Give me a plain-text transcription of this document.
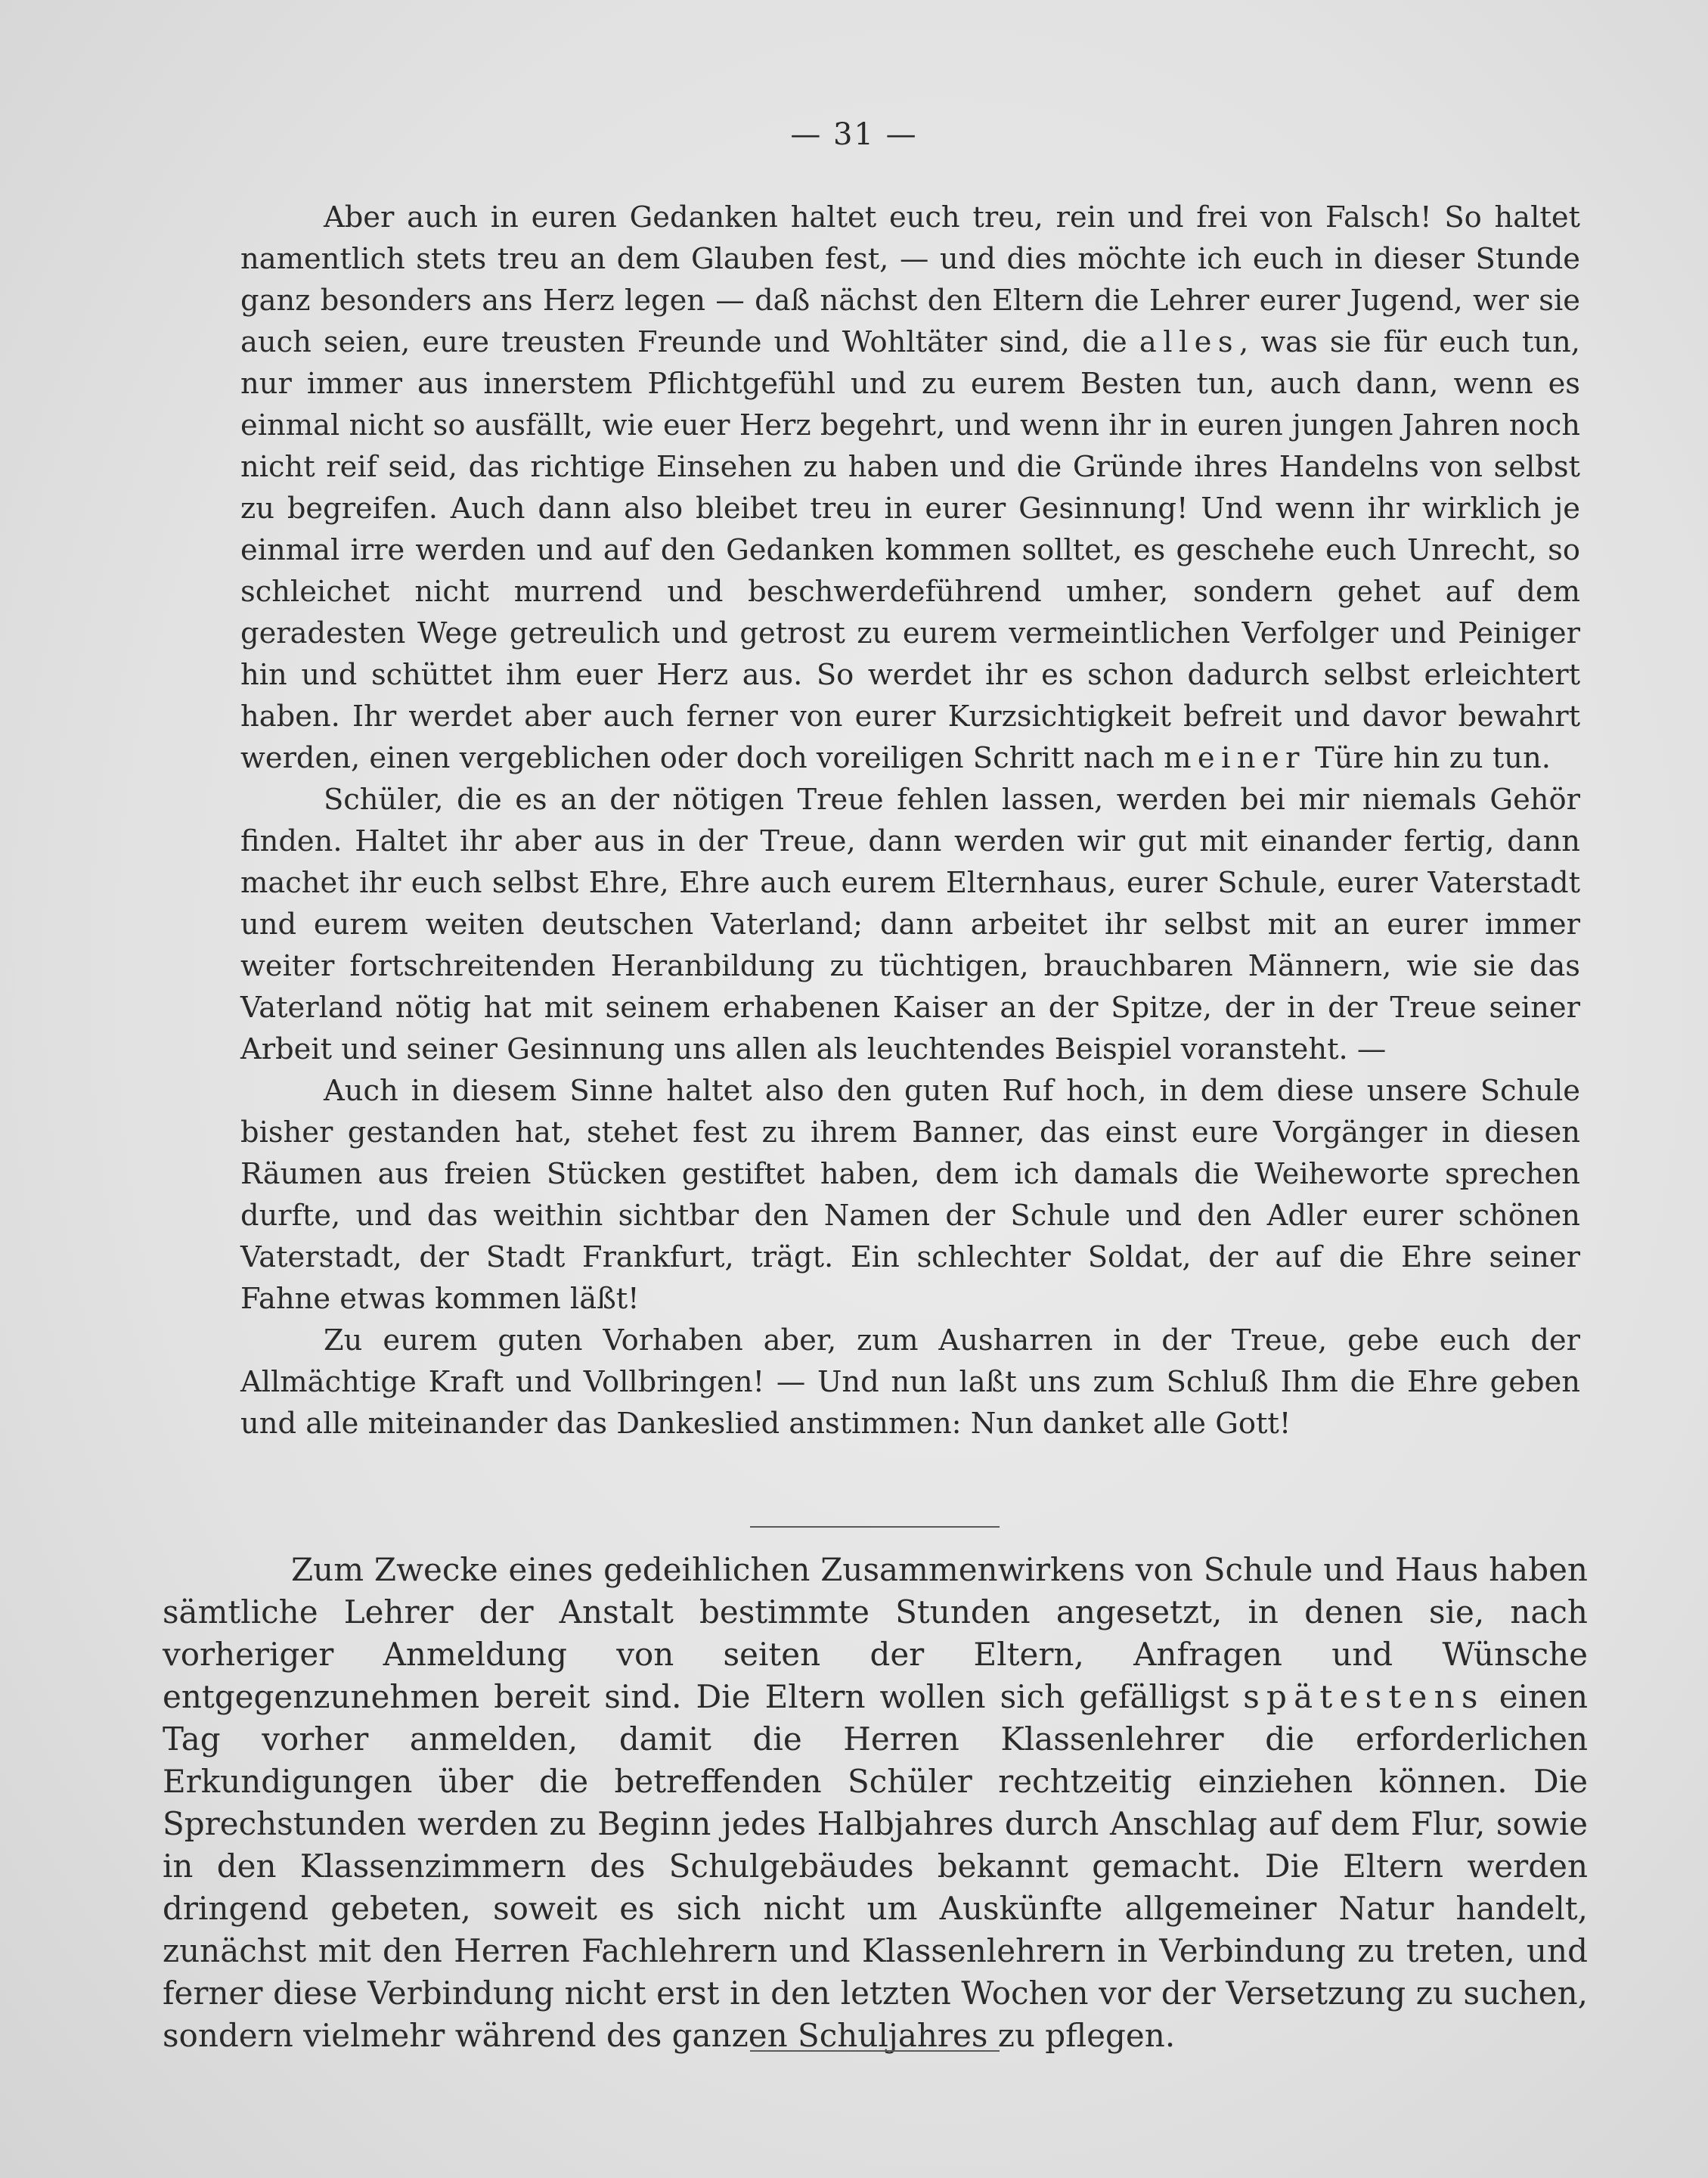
— 31 —

Aber auch in euren Gedanken haltet euch treu, rein und frei von Falsch! So haltet namentlich stets treu an dem Glauben fest, — und dies möchte ich euch in dieser Stunde ganz besonders ans Herz legen — daß nächst den Eltern die Lehrer eurer Jugend, wer sie auch seien, eure treusten Freunde und Wohltäter sind, die alles, was sie für euch tun, nur immer aus innerstem Pflichtgefühl und zu eurem Besten tun, auch dann, wenn es einmal nicht so ausfällt, wie euer Herz begehrt, und wenn ihr in euren jungen Jahren noch nicht reif seid, das richtige Einsehen zu haben und die Gründe ihres Handelns von selbst zu begreifen. Auch dann also bleibet treu in eurer Gesinnung! Und wenn ihr wirklich je einmal irre werden und auf den Gedanken kommen solltet, es geschehe euch Unrecht, so schleichet nicht murrend und beschwerdeführend umher, sondern gehet auf dem geradesten Wege getreulich und getrost zu eurem vermeintlichen Verfolger und Peiniger hin und schüttet ihm euer Herz aus. So werdet ihr es schon dadurch selbst erleichtert haben. Ihr werdet aber auch ferner von eurer Kurzsichtigkeit befreit und davor bewahrt werden, einen vergeblichen oder doch voreiligen Schritt nach meiner Türe hin zu tun.

Schüler, die es an der nötigen Treue fehlen lassen, werden bei mir niemals Gehör finden. Haltet ihr aber aus in der Treue, dann werden wir gut mit einander fertig, dann machet ihr euch selbst Ehre, Ehre auch eurem Elternhaus, eurer Schule, eurer Vaterstadt und eurem weiten deutschen Vaterland; dann arbeitet ihr selbst mit an eurer immer weiter fortschreitenden Heranbildung zu tüchtigen, brauchbaren Männern, wie sie das Vaterland nötig hat mit seinem erhabenen Kaiser an der Spitze, der in der Treue seiner Arbeit und seiner Gesinnung uns allen als leuchtendes Beispiel voransteht. —

Auch in diesem Sinne haltet also den guten Ruf hoch, in dem diese unsere Schule bisher gestanden hat, stehet fest zu ihrem Banner, das einst eure Vorgänger in diesen Räumen aus freien Stücken gestiftet haben, dem ich damals die Weiheworte sprechen durfte, und das weithin sichtbar den Namen der Schule und den Adler eurer schönen Vaterstadt, der Stadt Frankfurt, trägt. Ein schlechter Soldat, der auf die Ehre seiner Fahne etwas kommen läßt!

Zu eurem guten Vorhaben aber, zum Ausharren in der Treue, gebe euch der Allmächtige Kraft und Vollbringen! — Und nun laßt uns zum Schluß Ihm die Ehre geben und alle miteinander das Dankeslied anstimmen: Nun danket alle Gott!

Zum Zwecke eines gedeihlichen Zusammenwirkens von Schule und Haus haben sämtliche Lehrer der Anstalt bestimmte Stunden angesetzt, in denen sie, nach vorheriger Anmeldung von seiten der Eltern, Anfragen und Wünsche entgegenzunehmen bereit sind. Die Eltern wollen sich gefälligst spätestens einen Tag vorher anmelden, damit die Herren Klassenlehrer die erforderlichen Erkundigungen über die betreffenden Schüler rechtzeitig einziehen können. Die Sprechstunden werden zu Beginn jedes Halbjahres durch Anschlag auf dem Flur, sowie in den Klassenzimmern des Schulgebäudes bekannt gemacht. Die Eltern werden dringend gebeten, soweit es sich nicht um Auskünfte allgemeiner Natur handelt, zunächst mit den Herren Fachlehrern und Klassenlehrern in Verbindung zu treten, und ferner diese Verbindung nicht erst in den letzten Wochen vor der Versetzung zu suchen, sondern vielmehr während des ganzen Schuljahres zu pflegen.
